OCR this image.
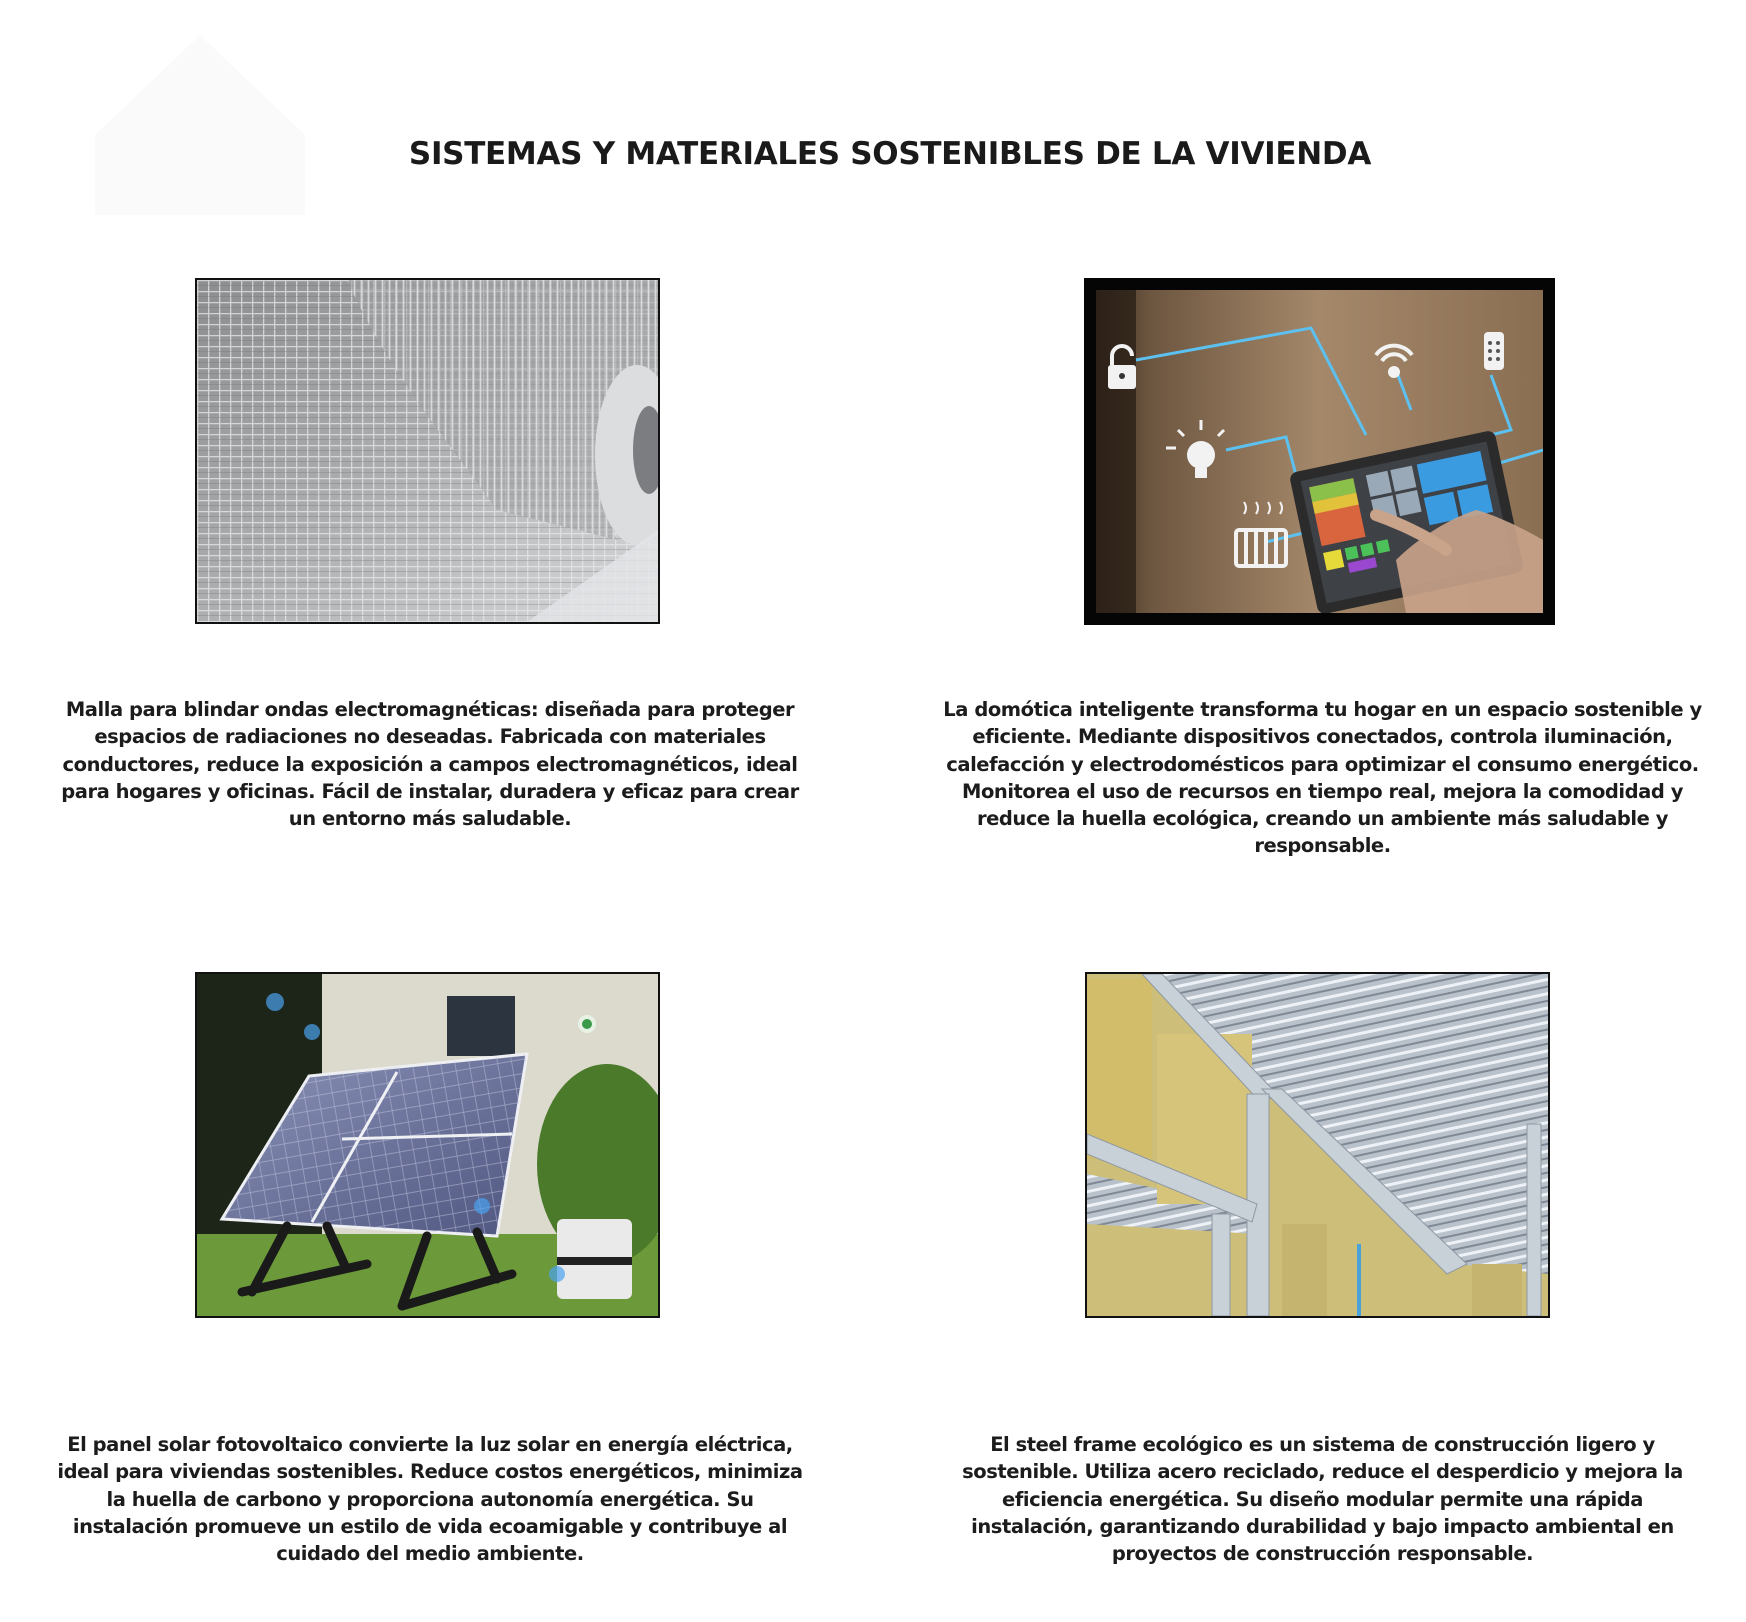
SISTEMAS Y MATERIALES SOSTENIBLES DE LA VIVIENDA
Malla para blindar ondas electromagnéticas: diseñada para proteger espacios de radiaciones no deseadas. Fabricada con materiales conductores, reduce la exposición a campos electromagnéticos, ideal para hogares y oficinas. Fácil de instalar, duradera y eficaz para crear un entorno más saludable.
La domótica inteligente transforma tu hogar en un espacio sostenible y eficiente. Mediante dispositivos conectados, controla iluminación, calefacción y electrodomésticos para optimizar el consumo energético. Monitorea el uso de recursos en tiempo real, mejora la comodidad y reduce la huella ecológica, creando un ambiente más saludable y responsable.
El panel solar fotovoltaico convierte la luz solar en energía eléctrica, ideal para viviendas sostenibles. Reduce costos energéticos, minimiza la huella de carbono y proporciona autonomía energética. Su instalación promueve un estilo de vida ecoamigable y contribuye al cuidado del medio ambiente.
El steel frame ecológico es un sistema de construcción ligero y sostenible. Utiliza acero reciclado, reduce el desperdicio y mejora la eficiencia energética. Su diseño modular permite una rápida instalación, garantizando durabilidad y bajo impacto ambiental en proyectos de construcción responsable.
